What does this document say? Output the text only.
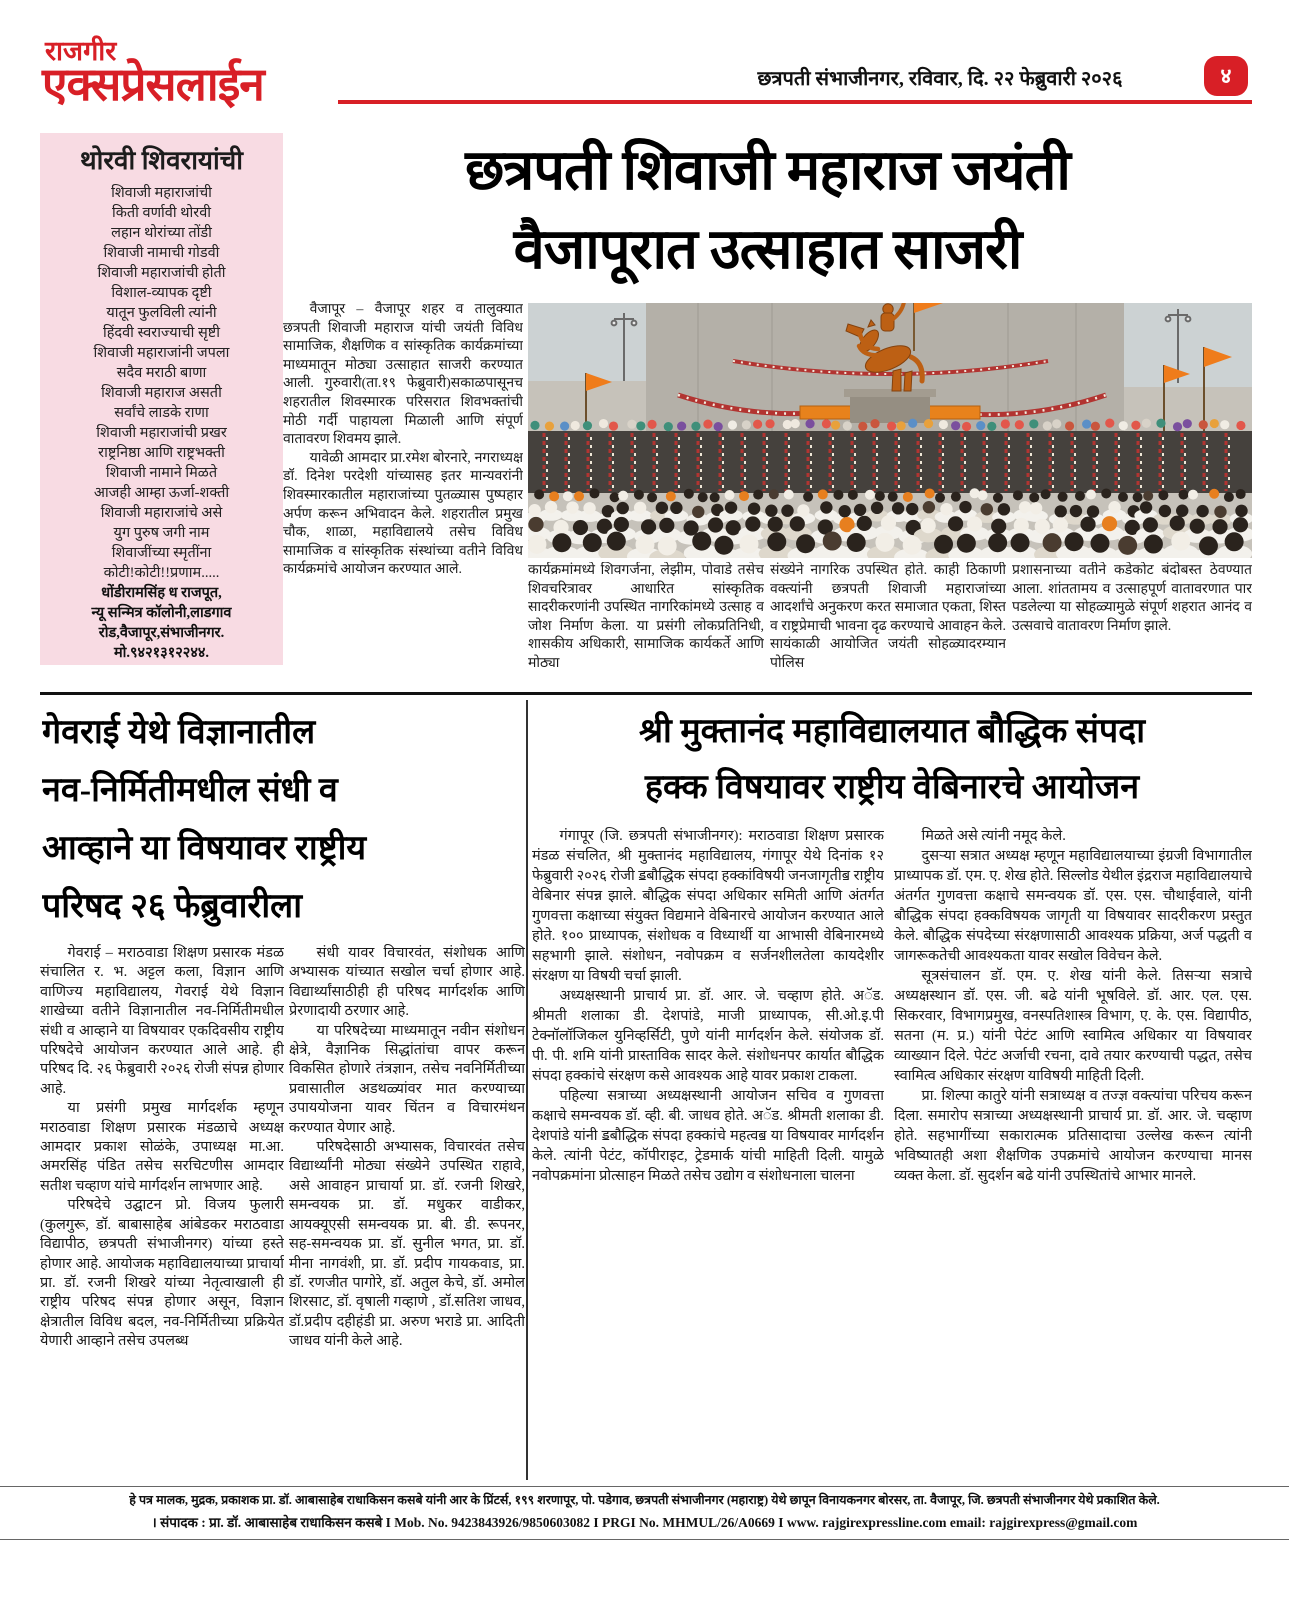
राजगीर
एक्सप्रेसलाईन	छत्रपती संभाजीनगर, रविवार, दि. २२ फेब्रुवारी २०२६	४
थोरवी शिवरायांची
शिवाजी महाराजांची
किती वर्णावी थोरवी
लहान थोरांच्या तोंडी
शिवाजी नामाची गोडवी
शिवाजी महाराजांची होती
विशाल-व्यापक दृष्टी
यातून फुलविली त्यांनी
हिंदवी स्वराज्याची सृष्टी
शिवाजी महाराजांनी जपला
सदैव मराठी बाणा
शिवाजी महाराज असती
सर्वांचे लाडके राणा
शिवाजी महाराजांची प्रखर
राष्ट्रनिष्ठा आणि राष्ट्रभक्ती
शिवाजी नामाने मिळते
आजही आम्हा ऊर्जा-शक्ती
शिवाजी महाराजांचे असे
युग पुरुष जगी नाम
शिवाजींच्या स्मृतींना
कोटी!कोटी!!प्रणाम.....
धोंडीरामसिंह ध राजपूत,
न्यू सन्मित्र कॉलोनी,लाडगाव
रोड,वैजापूर,संभाजीनगर.
मो.९४२१३१२२४४.
छत्रपती शिवाजी महाराज जयंती
वैजापूरात उत्साहात साजरी

वैजापूर – वैजापूर शहर व तालुक्यात छत्रपती शिवाजी महाराज यांची जयंती विविध सामाजिक, शैक्षणिक व सांस्कृतिक कार्यक्रमांच्या माध्यमातून मोठ्या उत्साहात साजरी करण्यात आली. गुरुवारी(ता.१९ फेब्रुवारी)सकाळपासूनच शहरातील शिवस्मारक परिसरात शिवभक्तांची मोठी गर्दी पाहायला मिळाली आणि संपूर्ण वातावरण शिवमय झाले.

यावेळी आमदार प्रा.रमेश बोरनारे, नगराध्यक्ष डॉ. दिनेश परदेशी यांच्यासह इतर मान्यवरांनी शिवस्मारकातील महाराजांच्या पुतळ्यास पुष्पहार अर्पण करून अभिवादन केले. शहरातील प्रमुख चौक, शाळा, महाविद्यालये तसेच विविध सामाजिक व सांस्कृतिक संस्थांच्या वतीने विविध कार्यक्रमांचे आयोजन करण्यात आले.	कार्यक्रमांमध्ये शिवगर्जना, लेझीम, पोवाडे तसेच शिवचरित्रावर आधारित सांस्कृतिक सादरीकरणांनी उपस्थित नागरिकांमध्ये उत्साह व जोश निर्माण केला. या प्रसंगी लोकप्रतिनिधी, शासकीय अधिकारी, सामाजिक कार्यकर्ते आणि मोठ्या
संख्येने नागरिक उपस्थित होते. काही ठिकाणी वक्त्यांनी छत्रपती शिवाजी महाराजांच्या आदर्शांचे अनुकरण करत समाजात एकता, शिस्त व राष्ट्रप्रेमाची भावना दृढ करण्याचे आवाहन केले. सायंकाळी आयोजित जयंती सोहळ्यादरम्यान पोलिस
प्रशासनाच्या वतीने कडेकोट बंदोबस्त ठेवण्यात आला. शांततामय व उत्साहपूर्ण वातावरणात पार पडलेल्या या सोहळ्यामुळे संपूर्ण शहरात आनंद व उत्सवाचे वातावरण निर्माण झाले.
गेवराई येथे विज्ञानातील
नव-निर्मितीमधील संधी व
आव्हाने या विषयावर राष्ट्रीय
परिषद २६ फेब्रुवारीला

गेवराई – मराठवाडा शिक्षण प्रसारक मंडळ संचालित र. भ. अट्टल कला, विज्ञान आणि वाणिज्य महाविद्यालय, गेवराई येथे विज्ञान शाखेच्या वतीने विज्ञानातील नव-निर्मितीमधील संधी व आव्हाने या विषयावर एकदिवसीय राष्ट्रीय परिषदेचे आयोजन करण्यात आले आहे. ही परिषद दि. २६ फेब्रुवारी २०२६ रोजी संपन्न होणार आहे.

या प्रसंगी प्रमुख मार्गदर्शक म्हणून मराठवाडा शिक्षण प्रसारक मंडळाचे अध्यक्ष आमदार प्रकाश सोळंके, उपाध्यक्ष मा.आ. अमरसिंह पंडित तसेच सरचिटणीस आमदार सतीश चव्हाण यांचे मार्गदर्शन लाभणार आहे.

परिषदेचे उद्घाटन प्रो. विजय फुलारी (कुलगुरू, डॉ. बाबासाहेब आंबेडकर मराठवाडा विद्यापीठ, छत्रपती संभाजीनगर) यांच्या हस्ते होणार आहे. आयोजक महाविद्यालयाच्या प्राचार्या प्रा. डॉ. रजनी शिखरे यांच्या नेतृत्वाखाली ही राष्ट्रीय परिषद संपन्न होणार असून, विज्ञान क्षेत्रातील विविध बदल, नव-निर्मितीच्या प्रक्रियेत येणारी आव्हाने तसेच उपलब्ध

संधी यावर विचारवंत, संशोधक आणि अभ्यासक यांच्यात सखोल चर्चा होणार आहे. विद्यार्थ्यांसाठीही ही परिषद मार्गदर्शक आणि प्रेरणादायी ठरणार आहे.

या परिषदेच्या माध्यमातून नवीन संशोधन क्षेत्रे, वैज्ञानिक सिद्धांतांचा वापर करून विकसित होणारे तंत्रज्ञान, तसेच नवनिर्मितीच्या प्रवासातील अडथळ्यांवर मात करण्याच्या उपाययोजना यावर चिंतन व विचारमंथन करण्यात येणार आहे.

परिषदेसाठी अभ्यासक, विचारवंत तसेच विद्यार्थ्यांनी मोठ्या संख्येने उपस्थित राहावे, असे आवाहन प्राचार्या प्रा. डॉ. रजनी शिखरे, समन्वयक प्रा. डॉ. मधुकर वाडीकर, आयक्यूएसी समन्वयक प्रा. बी. डी. रूपनर, सह-समन्वयक प्रा. डॉ. सुनील भगत, प्रा. डॉ. मीना नागवंशी, प्रा. डॉ. प्रदीप गायकवाड, प्रा. डॉ. रणजीत पागोरे, डॉ. अतुल केचे, डॉ. अमोल शिरसाट, डॉ. वृषाली गव्हाणे , डॉ.सतिश जाधव, डॉ.प्रदीप दहीहंडी प्रा. अरुण भराडे प्रा. आदिती जाधव यांनी केले आहे.

श्री मुक्तानंद महाविद्यालयात बौद्धिक संपदा
हक्क विषयावर राष्ट्रीय वेबिनारचे आयोजन

गंगापूर (जि. छत्रपती संभाजीनगर): मराठवाडा शिक्षण प्रसारक मंडळ संचलित, श्री मुक्तानंद महाविद्यालय, गंगापूर येथे दिनांक १२ फेब्रुवारी २०२६ रोजी ॾबौद्धिक संपदा हक्कांविषयी जनजागृतीॿ राष्ट्रीय वेबिनार संपन्न झाले. बौद्धिक संपदा अधिकार समिती आणि अंतर्गत गुणवत्ता कक्षाच्या संयुक्त विद्यमाने वेबिनारचे आयोजन करण्यात आले होते. १०० प्राध्यापक, संशोधक व विध्यार्थी या आभासी वेबिनारमध्ये सहभागी झाले. संशोधन, नवोपक्रम व सर्जनशीलतेला कायदेशीर संरक्षण या विषयी चर्चा झाली.

अध्यक्षस्थानी प्राचार्य प्रा. डॉ. आर. जे. चव्हाण होते. अॅड. श्रीमती शलाका डी. देशपांडे, माजी प्राध्यापक, सी.ओ.इ.पी टेक्नॉलॉजिकल युनिव्हर्सिटी, पुणे यांनी मार्गदर्शन केले. संयोजक डॉ. पी. पी. शमि यांनी प्रास्ताविक सादर केले. संशोधनपर कार्यात बौद्धिक संपदा हक्कांचे संरक्षण कसे आवश्यक आहे यावर प्रकाश टाकला.

पहिल्या सत्राच्या अध्यक्षस्थानी आयोजन सचिव व गुणवत्ता कक्षाचे समन्वयक डॉ. व्ही. बी. जाधव होते. अॅड. श्रीमती शलाका डी. देशपांडे यांनी ॾबौद्धिक संपदा हक्कांचे महत्वॿ या विषयावर मार्गदर्शन केले. त्यांनी पेटंट, कॉपीराइट, ट्रेडमार्क यांची माहिती दिली. यामुळे नवोपक्रमांना प्रोत्साहन मिळते तसेच उद्योग व संशोधनाला चालना

मिळते असे त्यांनी नमूद केले.

दुसऱ्या सत्रात अध्यक्ष म्हणून महाविद्यालयाच्या इंग्रजी विभागातील प्राध्यापक डॉ. एम. ए. शेख होते. सिल्लोड येथील इंद्रराज महाविद्यालयाचे अंतर्गत गुणवत्ता कक्षाचे समन्वयक डॉ. एस. एस. चौथाईवाले, यांनी बौद्धिक संपदा हक्कविषयक जागृती या विषयावर सादरीकरण प्रस्तुत केले. बौद्धिक संपदेच्या संरक्षणासाठी आवश्यक प्रक्रिया, अर्ज पद्धती व जागरूकतेची आवश्यकता यावर सखोल विवेचन केले.

सूत्रसंचालन डॉ. एम. ए. शेख यांनी केले. तिसऱ्या सत्राचे अध्यक्षस्थान डॉ. एस. जी. बढे यांनी भूषविले. डॉ. आर. एल. एस. सिकरवार, विभागप्रमुख, वनस्पतिशास्त्र विभाग, ए. के. एस. विद्यापीठ, सतना (म. प्र.) यांनी पेटंट आणि स्वामित्व अधिकार या विषयावर व्याख्यान दिले. पेटंट अर्जाची रचना, दावे तयार करण्याची पद्धत, तसेच स्वामित्व अधिकार संरक्षण याविषयी माहिती दिली.

प्रा. शिल्पा कातुरे यांनी सत्राध्यक्ष व तज्ज्ञ वक्त्यांचा परिचय करून दिला. समारोप सत्राच्या अध्यक्षस्थानी प्राचार्य प्रा. डॉ. आर. जे. चव्हाण होते. सहभागींच्या सकारात्मक प्रतिसादाचा उल्लेख करून त्यांनी भविष्यातही अशा शैक्षणिक उपक्रमांचे आयोजन करण्याचा मानस व्यक्त केला. डॉ. सुदर्शन बढे यांनी उपस्थितांचे आभार मानले.

हे पत्र मालक, मुद्रक, प्रकाशक प्रा. डॉ. आबासाहेब राधाकिसन कसबे यांनी आर के प्रिंटर्स, १९९ शरणापूर, पो. पडेगाव, छत्रपती संभाजीनगर (महाराष्ट्र) येथे छापून विनायकनगर बोरसर, ता. वैजापूर, जि. छत्रपती संभाजीनगर येथे प्रकाशित केले.
। संपादक : प्रा. डॉ. आबासाहेब राधाकिसन कसबे I Mob. No. 9423843926/9850603082 I PRGI No. MHMUL/26/A0669 I www. rajgirexpressline.com email: rajgirexpress@gmail.com
